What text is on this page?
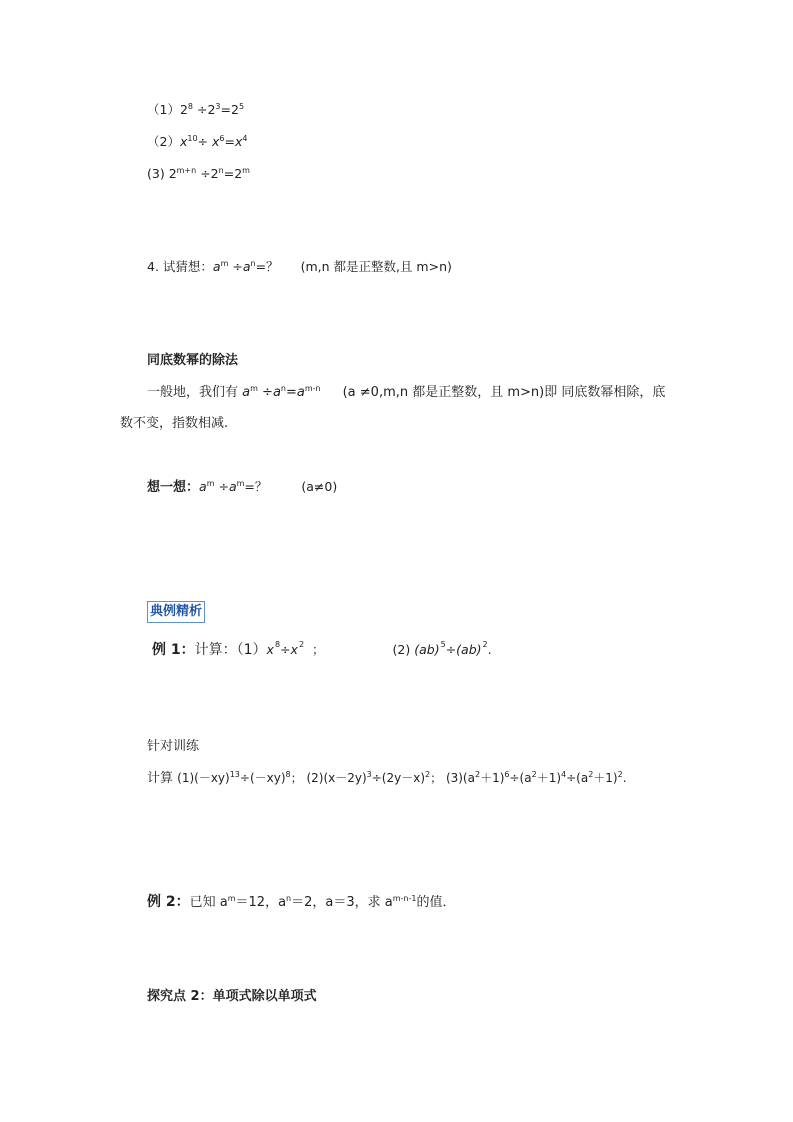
$(1)2^8 \div 2^3=2^5$
$(2)x^{10}\div x^6=x^4$
(3) $2^{m+n} \div 2^n=2^m$
4. 试猜想：$a^m \div a^n=$？ (m,n 都是正整数,且 m>n)
同底数幂的除法
一般地，我们有 $a^m \div a^n=a^{m-n}$ (a ≠0,m,n 都是正整数，且 m>n)即 同底数幂相除，底
数不变，指数相减.
想一想：$a^m \div a^m=$？	(a≠0)
典例精析
例 1：计算：$(1)x^8\div x^2$ ；	(2) (ab)$^5$÷(ab)$^2$.
针对训练
计算 $(1)(-xy)^{13}\div(-xy)^8$； $(2)(x-2y)^3\div(2y-x)^2$； $(3)(a^2+1)^6\div(a^2+1)^4\div(a^2+1)^2$.
例 2：已知 $a^m=12$，$a^n=2$，a＝3，求 $a^{m-n-1}$的值．
探究点 2：单项式除以单项式
